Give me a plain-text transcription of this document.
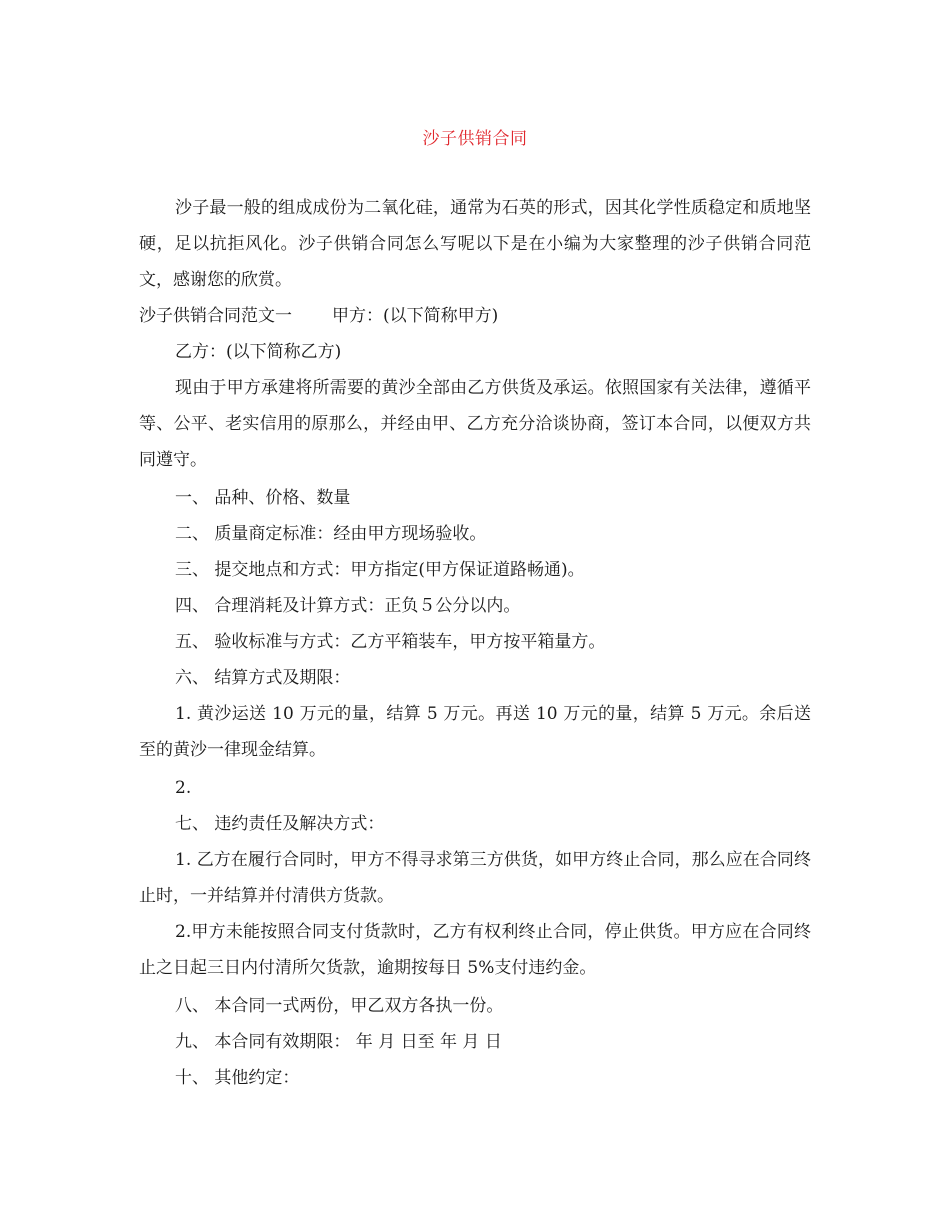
沙子供销合同
沙子最一般的组成成份为二氧化硅，通常为石英的形式，因其化学性质稳定和质地坚硬，足以抗拒风化。沙子供销合同怎么写呢以下是在小编为大家整理的沙子供销合同范文，感谢您的欣赏。
沙子供销合同范文一 甲方：(以下简称甲方)
乙方：(以下简称乙方)
现由于甲方承建将所需要的黄沙全部由乙方供货及承运。依照国家有关法律，遵循平等、公平、老实信用的原那么，并经由甲、乙方充分洽谈协商，签订本合同，以便双方共同遵守。
一、 品种、价格、数量
二、 质量商定标准：经由甲方现场验收。
三、 提交地点和方式：甲方指定(甲方保证道路畅通)。
四、 合理消耗及计算方式：正负５公分以内。
五、 验收标准与方式：乙方平箱装车，甲方按平箱量方。
六、 结算方式及期限：
1. 黄沙运送 10 万元的量，结算 5 万元。再送 10 万元的量，结算 5 万元。余后送至的黄沙一律现金结算。
2.
七、 违约责任及解决方式：
1. 乙方在履行合同时，甲方不得寻求第三方供货，如甲方终止合同，那么应在合同终止时，一并结算并付清供方货款。
2.甲方未能按照合同支付货款时，乙方有权利终止合同，停止供货。甲方应在合同终止之日起三日内付清所欠货款，逾期按每日 5%支付违约金。
八、 本合同一式两份，甲乙双方各执一份。
九、 本合同有效期限： 年 月 日至 年 月 日
十、 其他约定：
